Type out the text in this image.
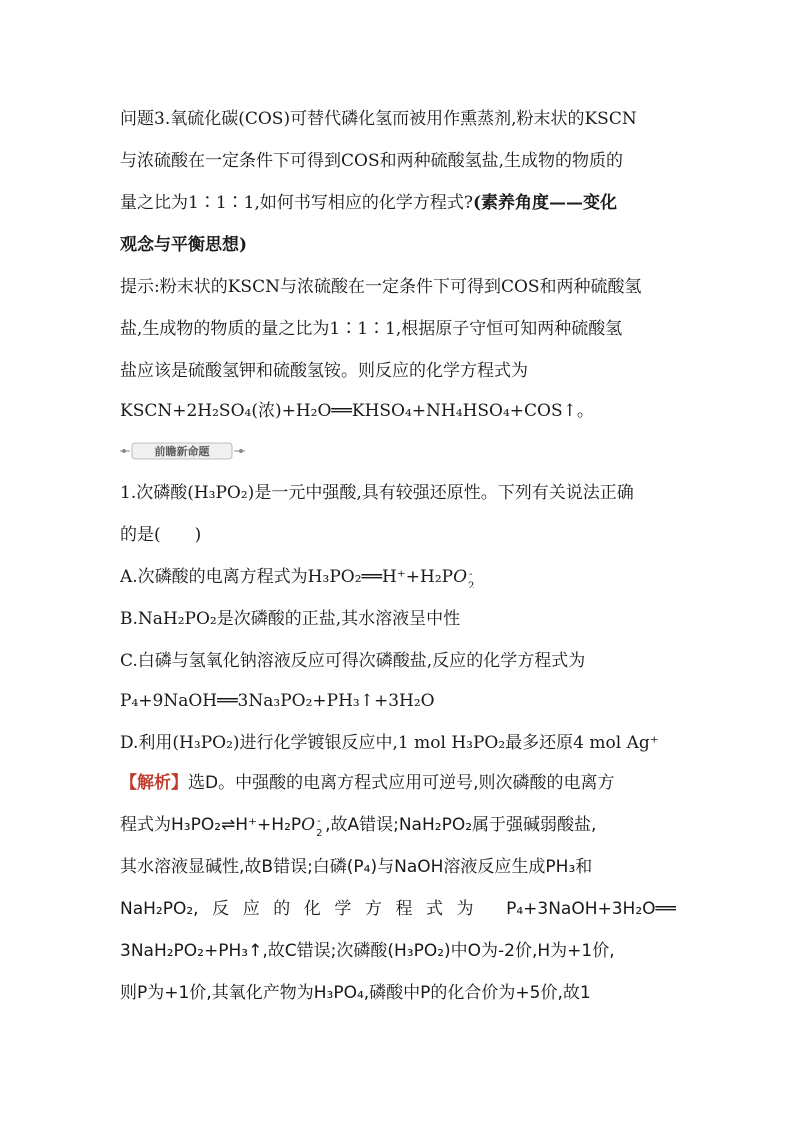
问题3.氧硫化碳(COS)可替代磷化氢而被用作熏蒸剂,粉末状的KSCN
与浓硫酸在一定条件下可得到COS和两种硫酸氢盐,生成物的物质的
量之比为1∶1∶1,如何书写相应的化学方程式?(素养角度——变化
观念与平衡思想)
提示:粉末状的KSCN与浓硫酸在一定条件下可得到COS和两种硫酸氢
盐,生成物的物质的量之比为1∶1∶1,根据原子守恒可知两种硫酸氢
盐应该是硫酸氢钾和硫酸氢铵。则反应的化学方程式为
KSCN+2H₂SO₄(浓)+H₂O══KHSO₄+NH₄HSO₄+COS↑。
前瞻新命题
1.次磷酸(H₃PO₂)是一元中强酸,具有较强还原性。下列有关说法正确
的是(　　)
A.次磷酸的电离方程式为H₃PO₂══H⁺+H₂PO -
2
B.NaH₂PO₂是次磷酸的正盐,其水溶液呈中性
C.白磷与氢氧化钠溶液反应可得次磷酸盐,反应的化学方程式为
P₄+9NaOH══3Na₃PO₂+PH₃↑+3H₂O
D.利用(H₃PO₂)进行化学镀银反应中,1 mol H₃PO₂最多还原4 mol Ag⁺
【解析】选D。中强酸的电离方程式应用可逆号,则次磷酸的电离方
程式为H₃PO₂⇌H⁺+H₂PO -
2 ,故A错误;NaH₂PO₂属于强碱弱酸盐,
其水溶液显碱性,故B错误;白磷(P₄)与NaOH溶液反应生成PH₃和
NaH₂PO₂,反应的化学方程式为 P₄+3NaOH+3H₂O══
3NaH₂PO₂+PH₃↑,故C错误;次磷酸(H₃PO₂)中O为-2价,H为+1价,
则P为+1价,其氧化产物为H₃PO₄,磷酸中P的化合价为+5价,故1
